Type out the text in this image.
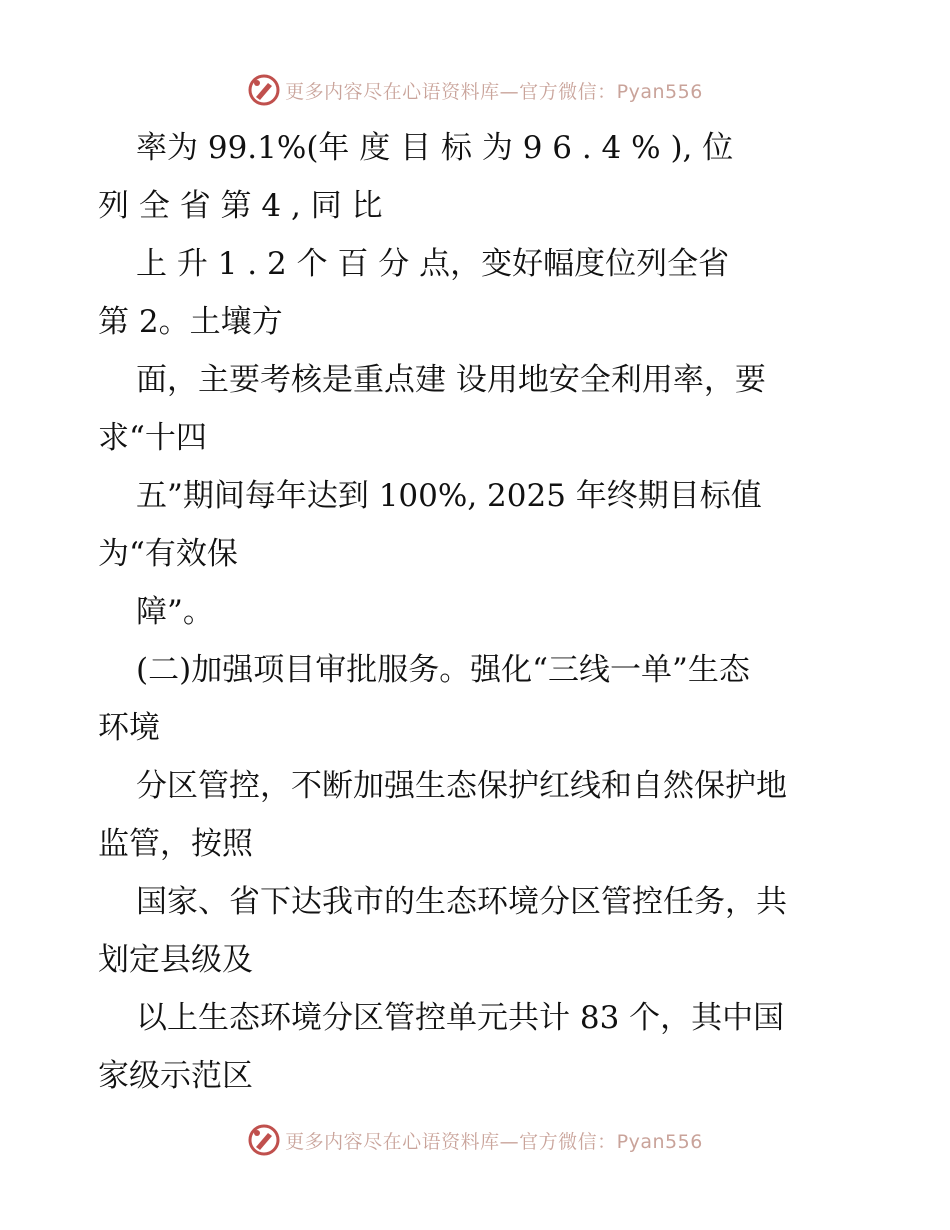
更多内容尽在心语资料库—官方微信：Pyan556
率为 99.1%(年 度 目 标 为 9 6 . 4 % ), 位
列 全 省 第 4 , 同 比
上 升 1 . 2 个 百 分 点，变好幅度位列全省
第 2。土壤方
面，主要考核是重点建 设用地安全利用率，要
求“十四
五”期间每年达到 100%, 2025 年终期目标值
为“有效保
障”。
(二)加强项目审批服务。强化“三线一单”生态
环境
分区管控，不断加强生态保护红线和自然保护地
监管，按照
国家、省下达我市的生态环境分区管控任务，共
划定县级及
以上生态环境分区管控单元共计 83 个，其中国
家级示范区
更多内容尽在心语资料库—官方微信：Pyan556
